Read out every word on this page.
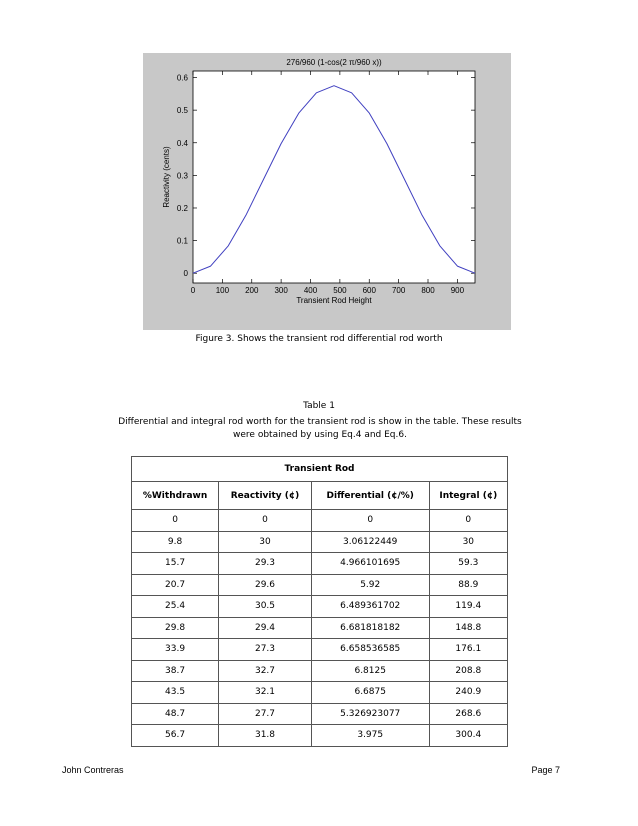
0	100 200 300 400 500 600 700 800 900
0
0.1
0.2
0.3
0.4
0.5
0.6
276/960 (1-cos(2 π/960 x))
Transient Rod Height
Reactivity (cents)
Figure 3. Shows the transient rod differential rod worth
Table 1
Differential and integral rod worth for the transient rod is show in the table. These results were obtained by using Eq.4 and Eq.6.
Transient Rod			
%Withdrawn	Reactivity (¢)	Differential (¢/%)	Integral (¢)
0	0	0	0
9.8	30	3.06122449	30
15.7	29.3	4.966101695	59.3
20.7	29.6	5.92	88.9
25.4	30.5	6.489361702	119.4
29.8	29.4	6.681818182	148.8
33.9	27.3	6.658536585	176.1
38.7	32.7	6.8125	208.8
43.5	32.1	6.6875	240.9
48.7	27.7	5.326923077	268.6
56.7	31.8	3.975	300.4
John Contreras	Page 7
